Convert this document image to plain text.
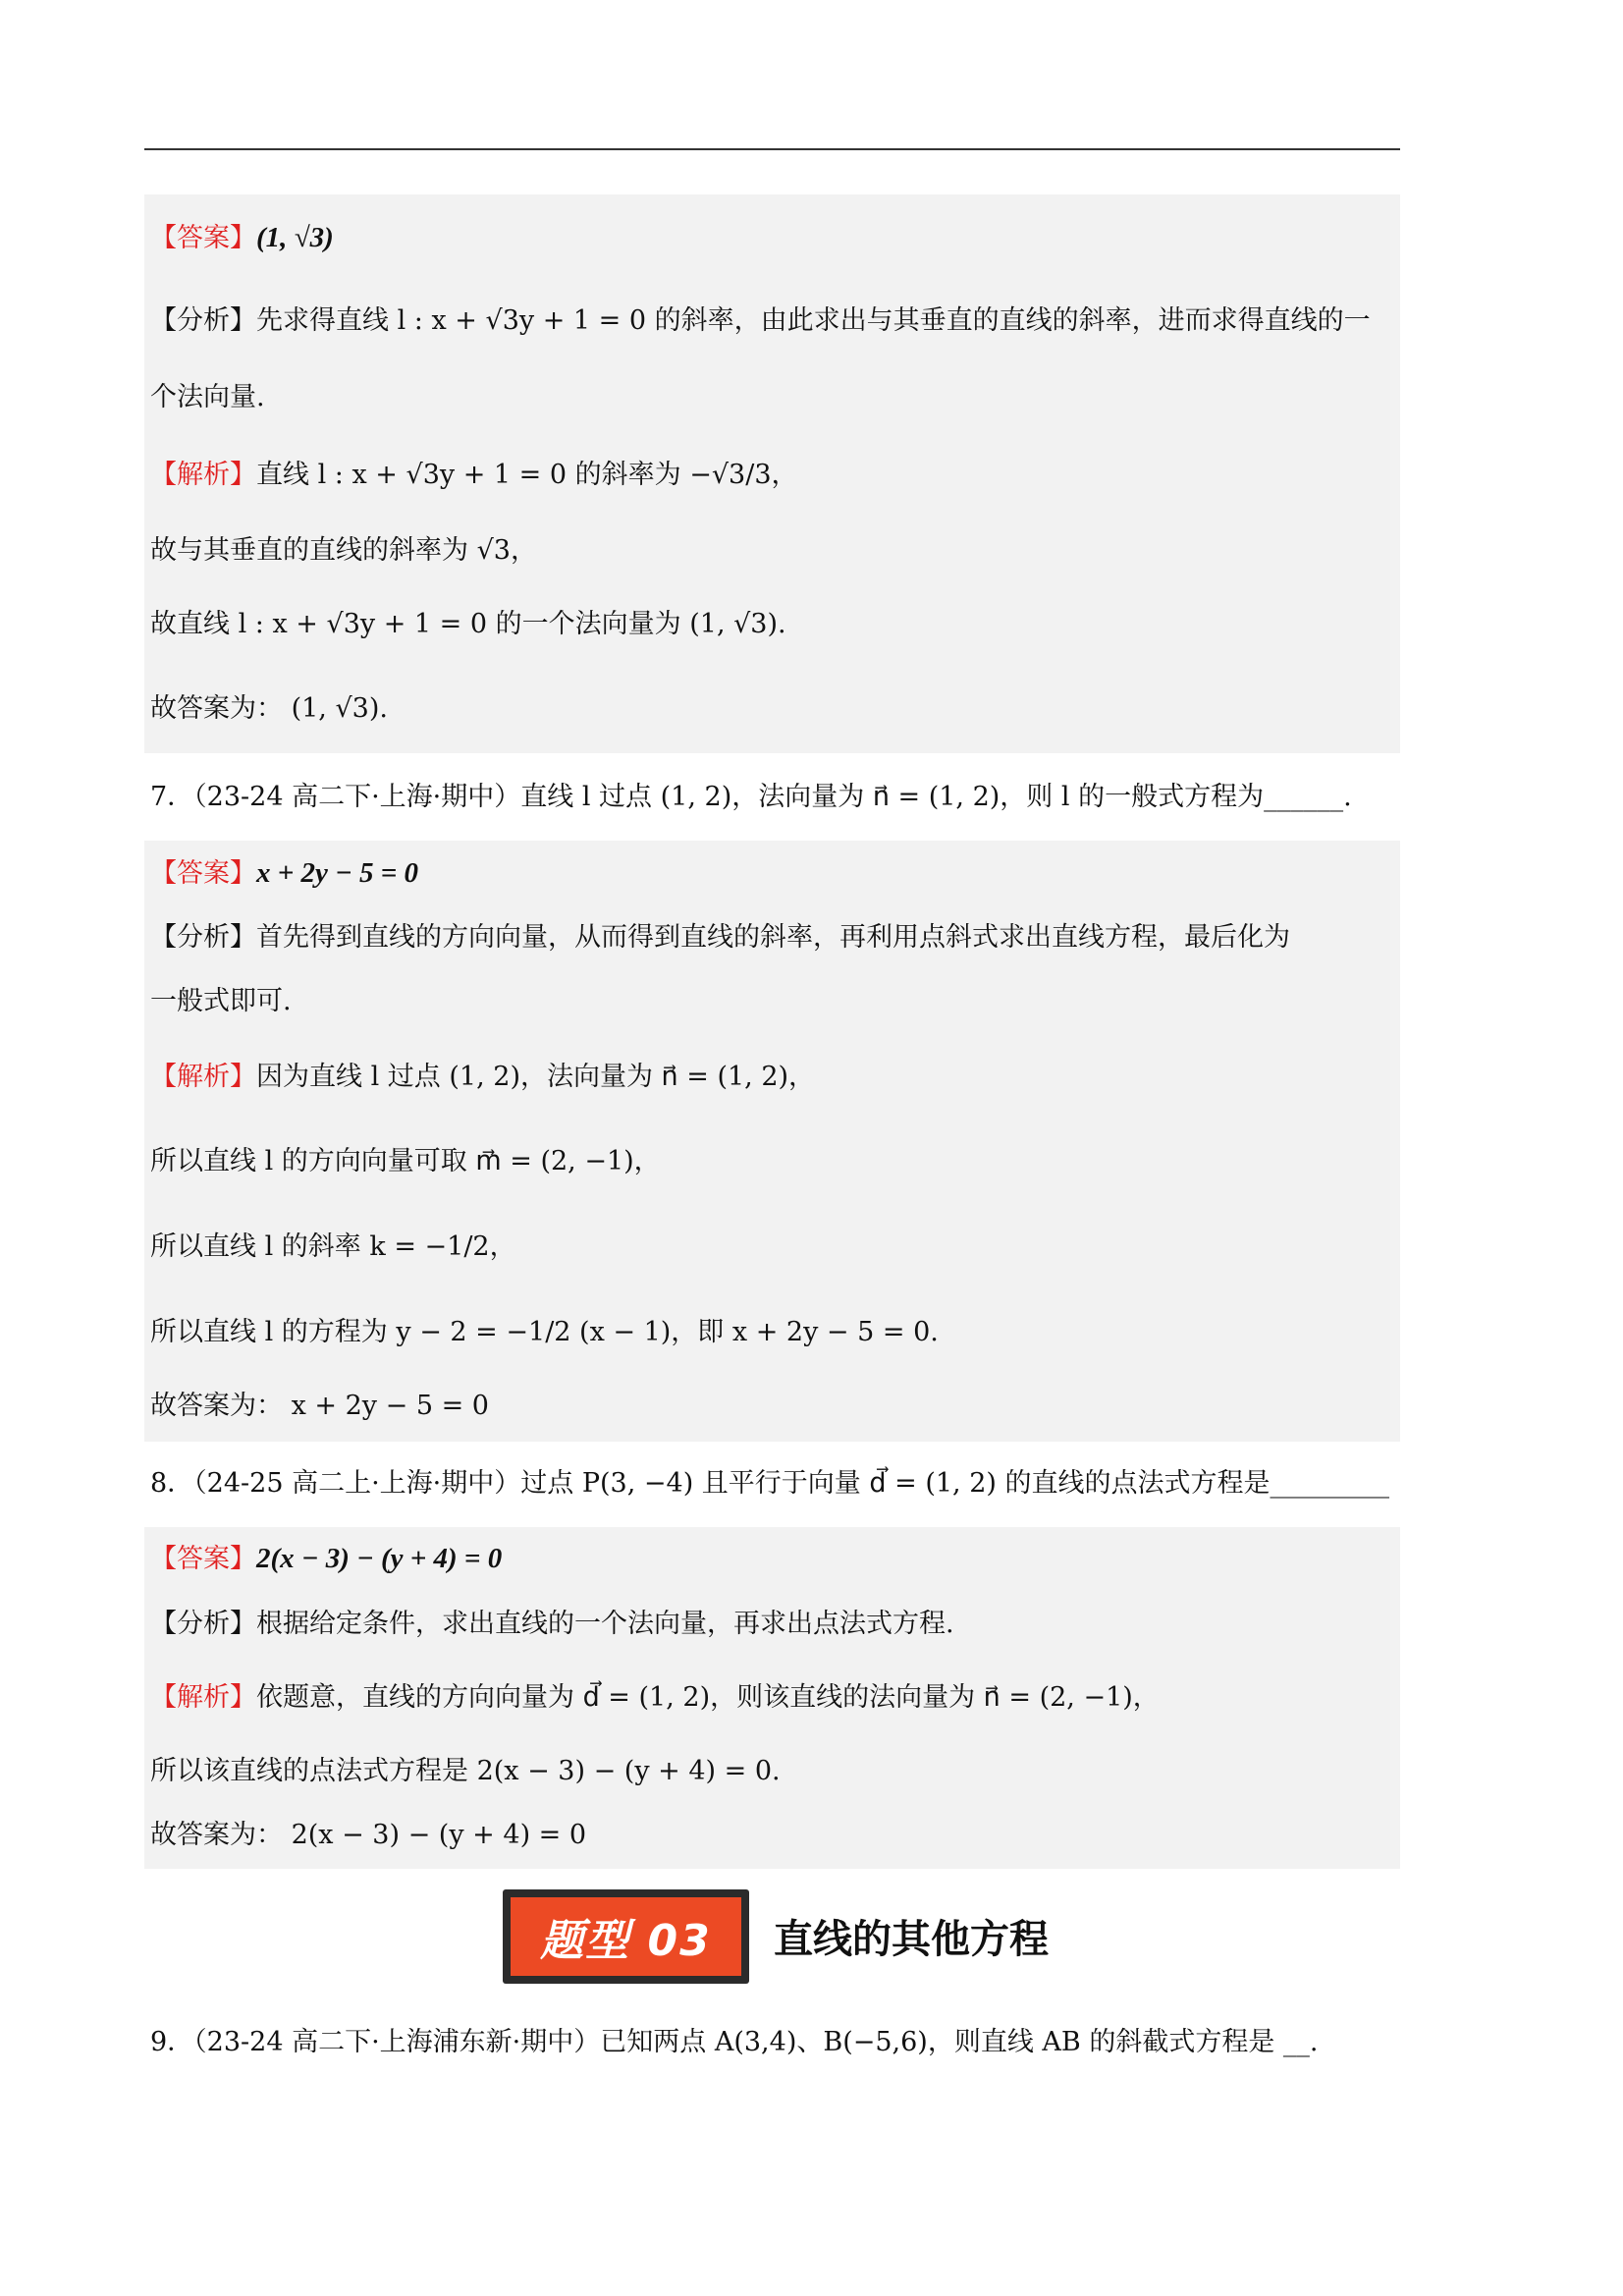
【答案】(1, √3)
【分析】先求得直线 l : x + √3y + 1 = 0 的斜率，由此求出与其垂直的直线的斜率，进而求得直线的一
个法向量.
【解析】直线 l : x + √3y + 1 = 0 的斜率为 −√3/3，
故与其垂直的直线的斜率为 √3，
故直线 l : x + √3y + 1 = 0 的一个法向量为 (1, √3).
故答案为： (1, √3).
7．（23-24 高二下·上海·期中）直线 l 过点 (1, 2)，法向量为 n⃗ = (1, 2)，则 l 的一般式方程为______.
【答案】x + 2y − 5 = 0
【分析】首先得到直线的方向向量，从而得到直线的斜率，再利用点斜式求出直线方程，最后化为
一般式即可.
【解析】因为直线 l 过点 (1, 2)，法向量为 n⃗ = (1, 2)，
所以直线 l 的方向向量可取 m⃗ = (2, −1)，
所以直线 l 的斜率 k = −1/2，
所以直线 l 的方程为 y − 2 = −1/2 (x − 1)，即 x + 2y − 5 = 0.
故答案为： x + 2y − 5 = 0
8．（24-25 高二上·上海·期中）过点 P(3, −4) 且平行于向量 d⃗ = (1, 2) 的直线的点法式方程是_________
【答案】2(x − 3) − (y + 4) = 0
【分析】根据给定条件，求出直线的一个法向量，再求出点法式方程.
【解析】依题意，直线的方向向量为 d⃗ = (1, 2)，则该直线的法向量为 n⃗ = (2, −1)，
所以该直线的点法式方程是 2(x − 3) − (y + 4) = 0.
故答案为： 2(x − 3) − (y + 4) = 0
题型 03	直线的其他方程
9．（23-24 高二下·上海浦东新·期中）已知两点 A(3,4)、B(−5,6)，则直线 AB 的斜截式方程是 __.
